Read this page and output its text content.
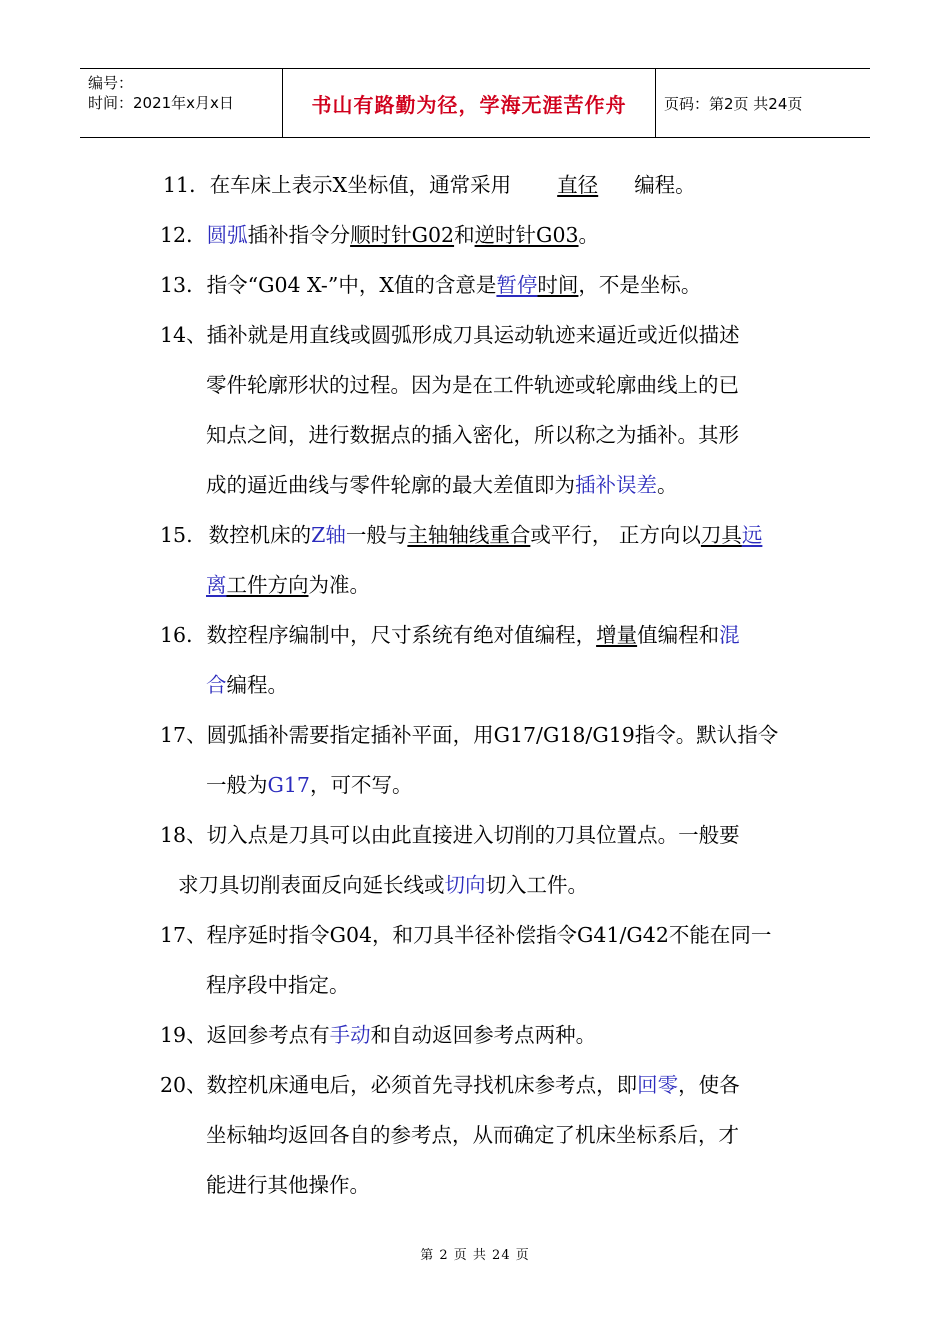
编号：
时间：2021年x月x日	书山有路勤为径，学海无涯苦作舟	页码：第2页 共24页
11．在车床上表示X坐标值，通常采用 直径 编程。
12．圆弧插补指令分顺时针G02和逆时针G03。
13．指令“G04 X-”中，X值的含意是暂停时间，不是坐标。
14、插补就是用直线或圆弧形成刀具运动轨迹来逼近或近似描述
零件轮廓形状的过程。因为是在工件轨迹或轮廓曲线上的已
知点之间，进行数据点的插入密化，所以称之为插补。其形
成的逼近曲线与零件轮廓的最大差值即为插补误差。
15. 数控机床的Z轴一般与主轴轴线重合或平行， 正方向以刀具远
离工件方向为准。
16．数控程序编制中，尺寸系统有绝对值编程，增量值编程和混
合编程。
17、圆弧插补需要指定插补平面，用G17/G18/G19指令。默认指令
一般为G17，可不写。
18、切入点是刀具可以由此直接进入切削的刀具位置点。一般要
求刀具切削表面反向延长线或切向切入工件。
17、程序延时指令G04，和刀具半径补偿指令G41/G42不能在同一
程序段中指定。
19、返回参考点有手动和自动返回参考点两种。
20、数控机床通电后，必须首先寻找机床参考点，即回零，使各
坐标轴均返回各自的参考点，从而确定了机床坐标系后，才
能进行其他操作。
第 2 页 共 24 页
